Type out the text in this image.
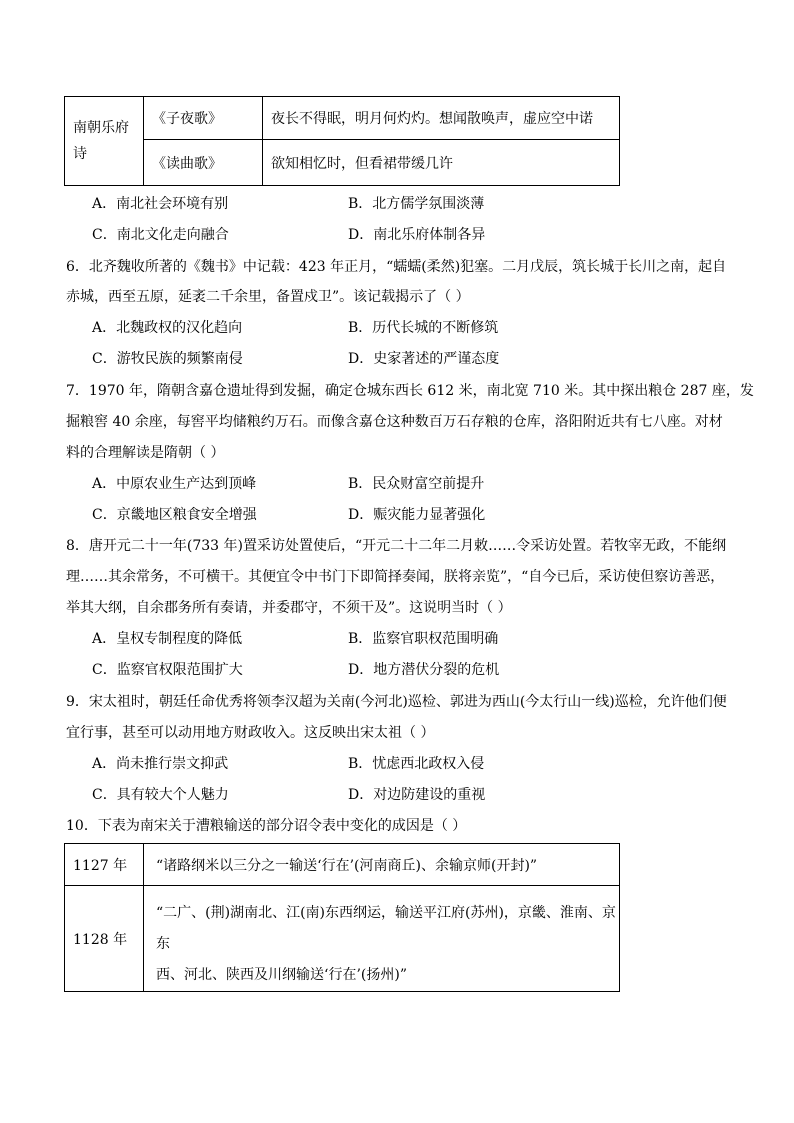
南朝乐府
诗	《子夜歌》	夜长不得眠，明月何灼灼。想闻散唤声，虚应空中诺
	《读曲歌》	欲知相忆时，但看裙带缓几许
A．南北社会环境有别	B．北方儒学氛围淡薄
C．南北文化走向融合	D．南北乐府体制各异
6．北齐魏收所著的《魏书》中记载：423 年正月，“蠕蠕(柔然)犯塞。二月戊辰，筑长城于长川之南，起自
赤城，西至五原，延袤二千余里，备置戍卫”。该记载揭示了（ ）
A．北魏政权的汉化趋向	B．历代长城的不断修筑
C．游牧民族的频繁南侵	D．史家著述的严谨态度
7．1970 年，隋朝含嘉仓遗址得到发掘，确定仓城东西长 612 米，南北宽 710 米。其中探出粮仓 287 座，发
掘粮窖 40 余座，每窖平均储粮约万石。而像含嘉仓这种数百万石存粮的仓库，洛阳附近共有七八座。对材
料的合理解读是隋朝（ ）
A．中原农业生产达到顶峰	B．民众财富空前提升
C．京畿地区粮食安全增强	D．赈灾能力显著强化
8．唐开元二十一年(733 年)置采访处置使后，“开元二十二年二月敕……令采访处置。若牧宰无政，不能纲
理……其余常务，不可横干。其便宜令中书门下即简择奏闻，朕将亲览”，“自今已后，采访使但察访善恶，
举其大纲，自余郡务所有奏请，并委郡守，不须干及”。这说明当时（ ）
A．皇权专制程度的降低	B．监察官职权范围明确
C．监察官权限范围扩大	D．地方潜伏分裂的危机
9．宋太祖时，朝廷任命优秀将领李汉超为关南(今河北)巡检、郭进为西山(今太行山一线)巡检，允许他们便
宜行事，甚至可以动用地方财政收入。这反映出宋太祖（ ）
A．尚未推行崇文抑武	B．忧虑西北政权入侵
C．具有较大个人魅力	D．对边防建设的重视
10．下表为南宋关于漕粮输送的部分诏令表中变化的成因是（ ）
1127 年	“诸路纲米以三分之一输送‘行在’(河南商丘)、余输京师(开封)”

1128 年	“二广、(荆)湖南北、江(南)东西纲运，输送平江府(苏州)，京畿、淮南、京东
西、河北、陕西及川纲输送‘行在’(扬州)”
